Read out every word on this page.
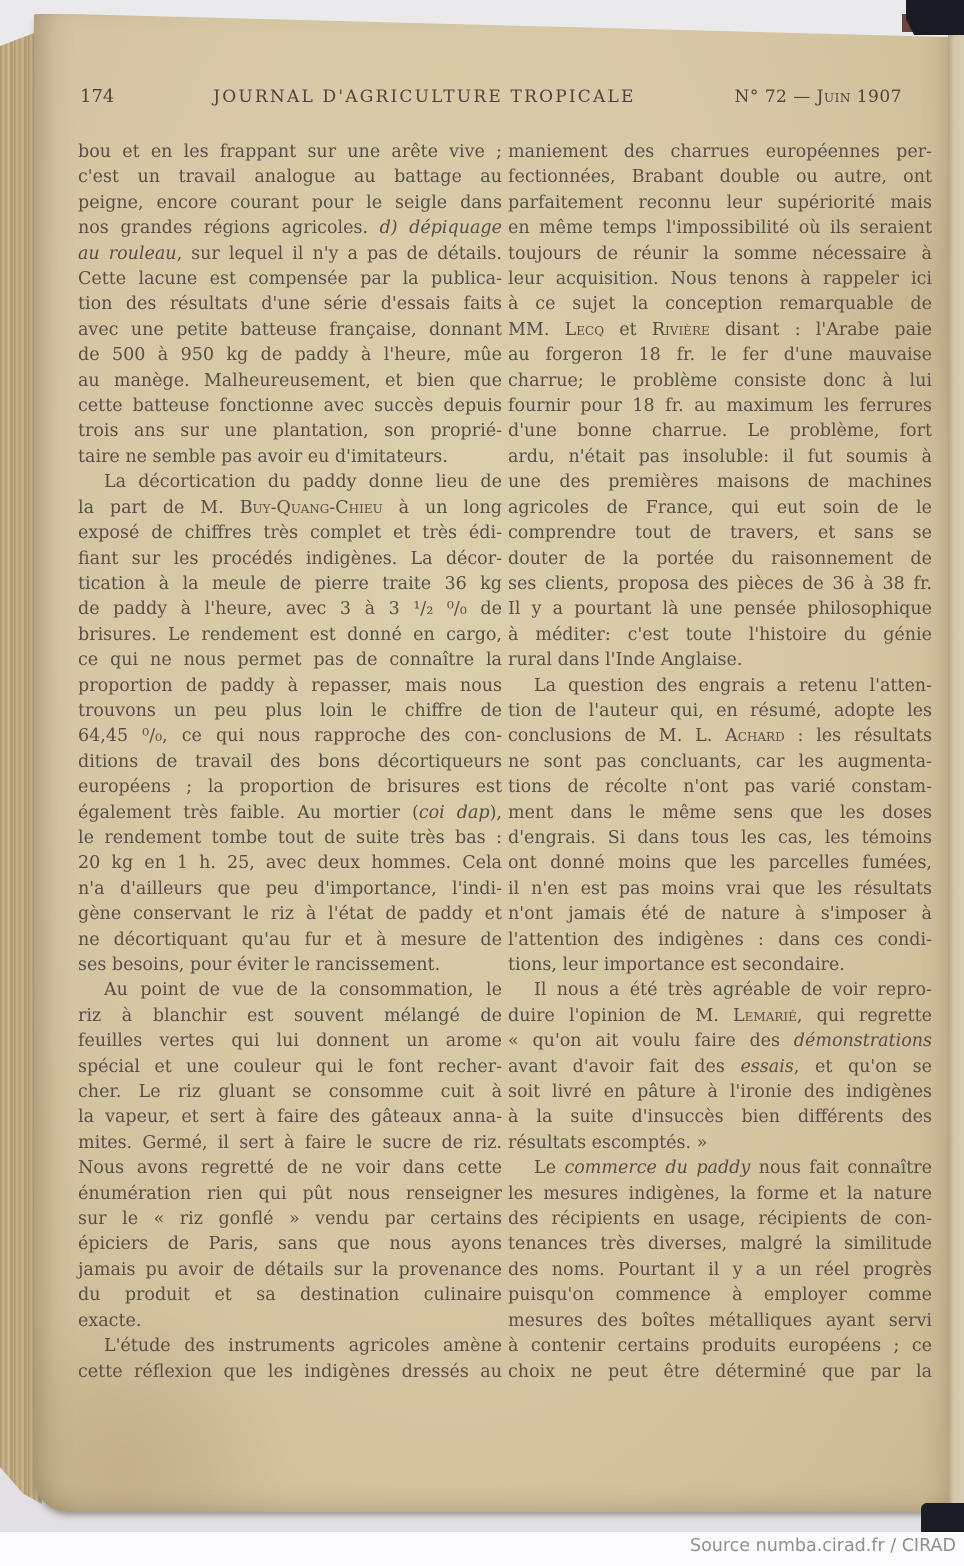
174	JOURNAL D'AGRICULTURE TROPICALE	N° 72 — Juin 1907
bou et en les frappant sur une arête vive ;
c'est un travail analogue au battage au
peigne, encore courant pour le seigle dans
nos grandes régions agricoles. d) dépiquage
au rouleau, sur lequel il n'y a pas de détails.
Cette lacune est compensée par la publica-
tion des résultats d'une série d'essais faits
avec une petite batteuse française, donnant
de 500 à 950 kg de paddy à l'heure, mûe
au manège. Malheureusement, et bien que
cette batteuse fonctionne avec succès depuis
trois ans sur une plantation, son proprié-
taire ne semble pas avoir eu d'imitateurs.
La décortication du paddy donne lieu de
la part de M. Buy-Quang-Chieu à un long
exposé de chiffres très complet et très édi-
fiant sur les procédés indigènes. La décor-
tication à la meule de pierre traite 36 kg
de paddy à l'heure, avec 3 à 3 ¹/₂ ⁰/₀ de
brisures. Le rendement est donné en cargo,
ce qui ne nous permet pas de connaître la
proportion de paddy à repasser, mais nous
trouvons un peu plus loin le chiffre de
64,45 ⁰/₀, ce qui nous rapproche des con-
ditions de travail des bons décortiqueurs
européens ; la proportion de brisures est
également très faible. Au mortier (coi dap),
le rendement tombe tout de suite très bas :
20 kg en 1 h. 25, avec deux hommes. Cela
n'a d'ailleurs que peu d'importance, l'indi-
gène conservant le riz à l'état de paddy et
ne décortiquant qu'au fur et à mesure de
ses besoins, pour éviter le rancissement.
Au point de vue de la consommation, le
riz à blanchir est souvent mélangé de
feuilles vertes qui lui donnent un arome
spécial et une couleur qui le font recher-
cher. Le riz gluant se consomme cuit à
la vapeur, et sert à faire des gâteaux anna-
mites. Germé, il sert à faire le sucre de riz.
Nous avons regretté de ne voir dans cette
énumération rien qui pût nous renseigner
sur le « riz gonflé » vendu par certains
épiciers de Paris, sans que nous ayons
jamais pu avoir de détails sur la provenance
du produit et sa destination culinaire
exacte.
L'étude des instruments agricoles amène
cette réflexion que les indigènes dressés au
maniement des charrues européennes per-
fectionnées, Brabant double ou autre, ont
parfaitement reconnu leur supériorité mais
en même temps l'impossibilité où ils seraient
toujours de réunir la somme nécessaire à
leur acquisition. Nous tenons à rappeler ici
à ce sujet la conception remarquable de
MM. Lecq et Rivière disant : l'Arabe paie
au forgeron 18 fr. le fer d'une mauvaise
charrue; le problème consiste donc à lui
fournir pour 18 fr. au maximum les ferrures
d'une bonne charrue. Le problème, fort
ardu, n'était pas insoluble: il fut soumis à
une des premières maisons de machines
agricoles de France, qui eut soin de le
comprendre tout de travers, et sans se
douter de la portée du raisonnement de
ses clients, proposa des pièces de 36 à 38 fr.
Il y a pourtant là une pensée philosophique
à méditer: c'est toute l'histoire du génie
rural dans l'Inde Anglaise.
La question des engrais a retenu l'atten-
tion de l'auteur qui, en résumé, adopte les
conclusions de M. L. Achard : les résultats
ne sont pas concluants, car les augmenta-
tions de récolte n'ont pas varié constam-
ment dans le même sens que les doses
d'engrais. Si dans tous les cas, les témoins
ont donné moins que les parcelles fumées,
il n'en est pas moins vrai que les résultats
n'ont jamais été de nature à s'imposer à
l'attention des indigènes : dans ces condi-
tions, leur importance est secondaire.
Il nous a été très agréable de voir repro-
duire l'opinion de M. Lemarié, qui regrette
« qu'on ait voulu faire des démonstrations
avant d'avoir fait des essais, et qu'on se
soit livré en pâture à l'ironie des indigènes
à la suite d'insuccès bien différents des
résultats escomptés. »
Le commerce du paddy nous fait connaître
les mesures indigènes, la forme et la nature
des récipients en usage, récipients de con-
tenances très diverses, malgré la similitude
des noms. Pourtant il y a un réel progrès
puisqu'on commence à employer comme
mesures des boîtes métalliques ayant servi
à contenir certains produits européens ; ce
choix ne peut être déterminé que par la
Source numba.cirad.fr / CIRAD
